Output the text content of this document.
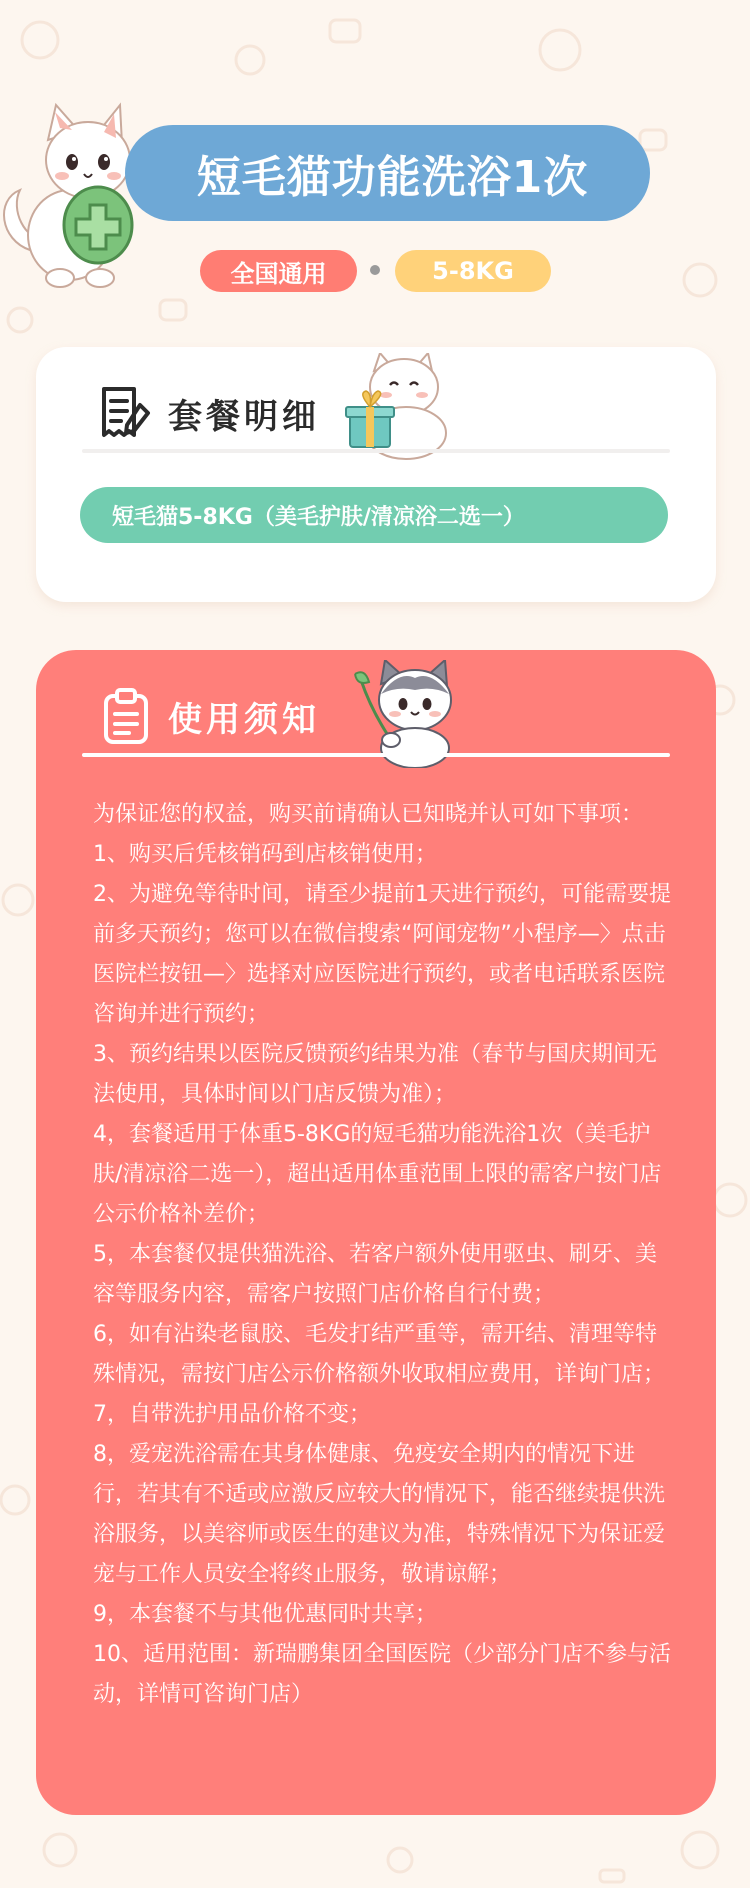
短毛猫功能洗浴1次
全国通用	5-8KG
套餐明细
短毛猫5-8KG（美毛护肤/清凉浴二选一）
使用须知

为保证您的权益，购买前请确认已知晓并认可如下事项：

1、购买后凭核销码到店核销使用；

2、为避免等待时间，请至少提前1天进行预约，可能需要提前多天预约；您可以在微信搜索“阿闻宠物”小程序—〉点击医院栏按钮—〉选择对应医院进行预约，或者电话联系医院咨询并进行预约；

3、预约结果以医院反馈预约结果为准（春节与国庆期间无法使用，具体时间以门店反馈为准）；

4，套餐适用于体重5-8KG的短毛猫功能洗浴1次（美毛护肤/清凉浴二选一），超出适用体重范围上限的需客户按门店公示价格补差价；

5，本套餐仅提供猫洗浴、若客户额外使用驱虫、刷牙、美容等服务内容，需客户按照门店价格自行付费；

6，如有沾染老鼠胶、毛发打结严重等，需开结、清理等特殊情况，需按门店公示价格额外收取相应费用，详询门店；

7，自带洗护用品价格不变；

8，爱宠洗浴需在其身体健康、免疫安全期内的情况下进行，若其有不适或应激反应较大的情况下，能否继续提供洗浴服务，以美容师或医生的建议为准，特殊情况下为保证爱宠与工作人员安全将终止服务，敬请谅解；

9，本套餐不与其他优惠同时共享；

10、适用范围：新瑞鹏集团全国医院（少部分门店不参与活动，详情可咨询门店）
